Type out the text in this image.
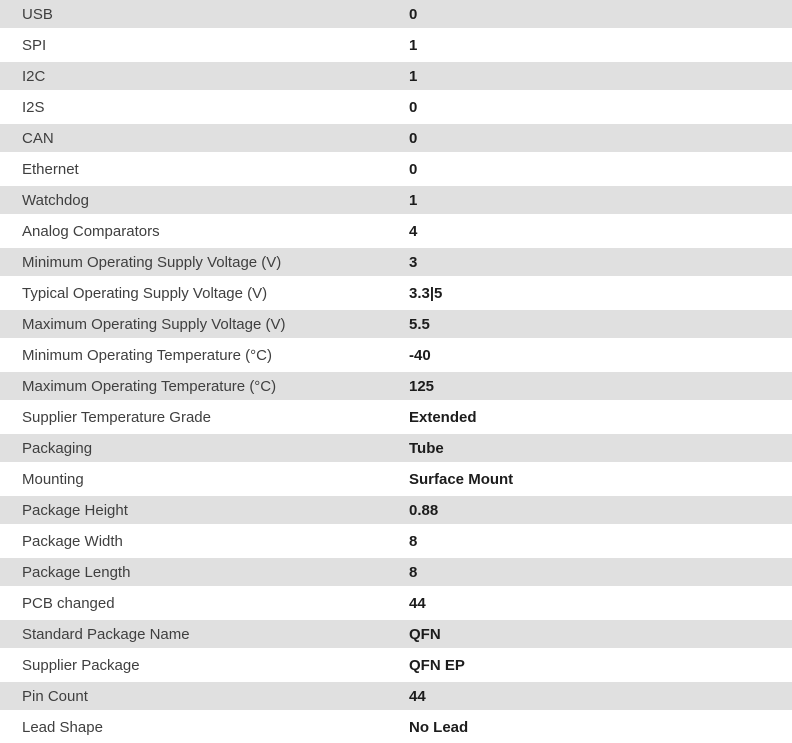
USB	0
SPI	1
I2C	1
I2S	0
CAN	0
Ethernet	0
Watchdog	1
Analog Comparators	4
Minimum Operating Supply Voltage (V)	3
Typical Operating Supply Voltage (V)	3.3|5
Maximum Operating Supply Voltage (V)	5.5
Minimum Operating Temperature (°C)	-40
Maximum Operating Temperature (°C)	125
Supplier Temperature Grade	Extended
Packaging	Tube
Mounting	Surface Mount
Package Height	0.88
Package Width	8
Package Length	8
PCB changed	44
Standard Package Name	QFN
Supplier Package	QFN EP
Pin Count	44
Lead Shape	No Lead
